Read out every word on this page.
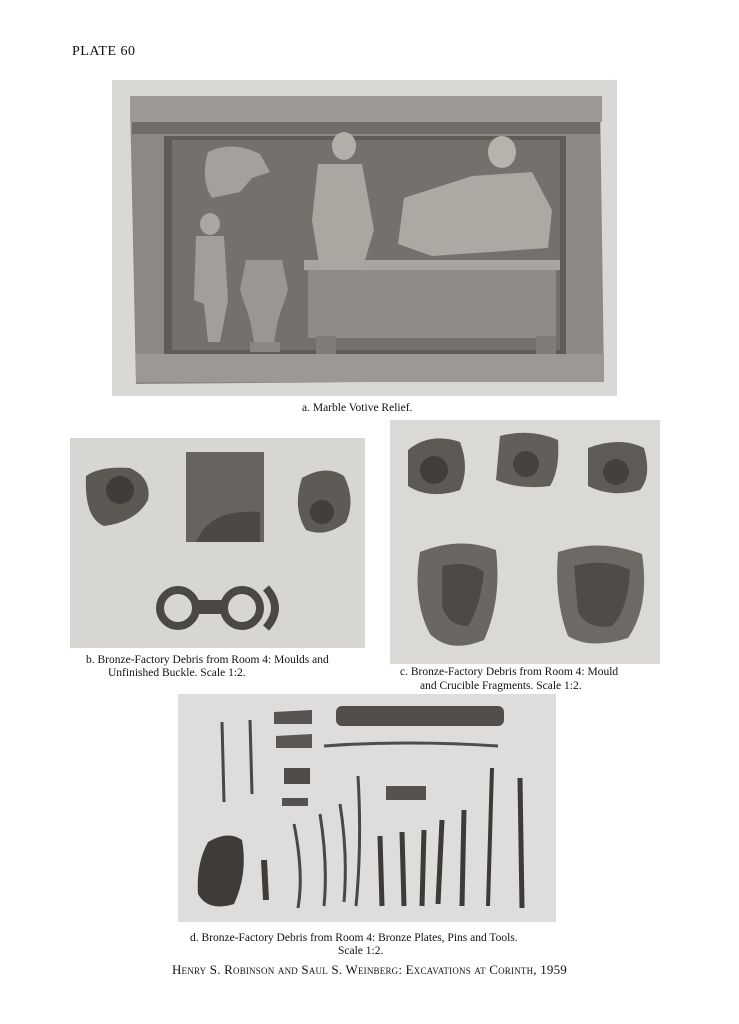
PLATE 60
a. Marble Votive Relief.
b. Bronze-Factory Debris from Room 4: Moulds and
Unfinished Buckle. Scale 1:2.	c. Bronze-Factory Debris from Room 4: Mould
and Crucible Fragments. Scale 1:2.
d. Bronze-Factory Debris from Room 4: Bronze Plates, Pins and Tools.
Scale 1:2.
Henry S. Robinson and Saul S. Weinberg: Excavations at Corinth, 1959
